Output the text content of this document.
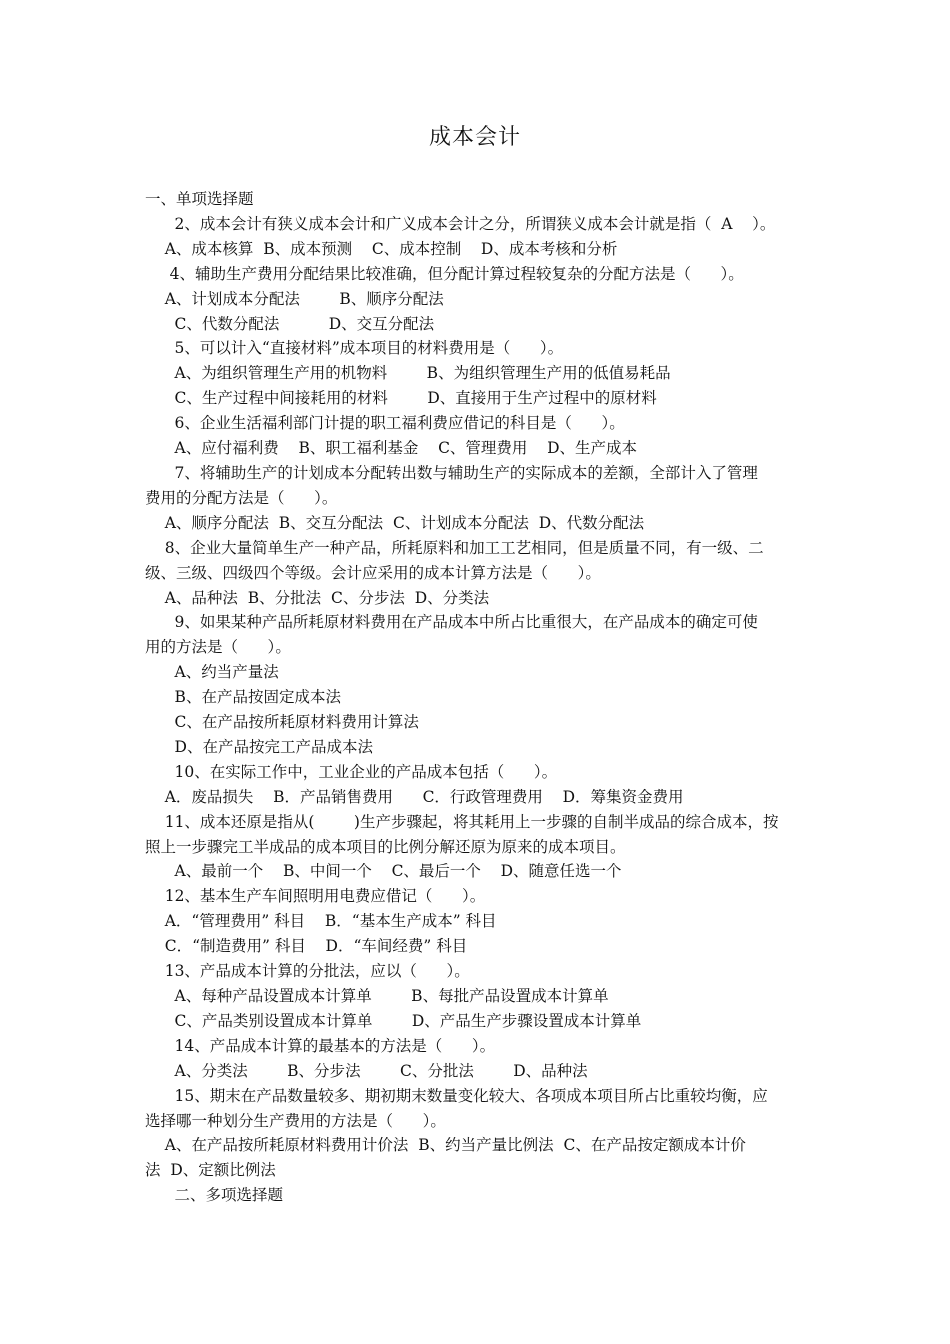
成本会计
一、单项选择题
2、成本会计有狭义成本会计和广义成本会计之分，所谓狭义成本会计就是指（  A    ）。
A、成本核算  B、成本预测    C、成本控制    D、成本考核和分析
4、辅助生产费用分配结果比较准确，但分配计算过程较复杂的分配方法是（      ）。
A、计划成本分配法        B、顺序分配法
C、代数分配法          D、交互分配法
5、可以计入“直接材料”成本项目的材料费用是（      ）。
A、为组织管理生产用的机物料        B、为组织管理生产用的低值易耗品
C、生产过程中间接耗用的材料        D、直接用于生产过程中的原材料
6、企业生活福利部门计提的职工福利费应借记的科目是（      ）。
A、应付福利费    B、职工福利基金    C、管理费用    D、生产成本
7、将辅助生产的计划成本分配转出数与辅助生产的实际成本的差额，全部计入了管理
费用的分配方法是（      ）。
A、顺序分配法  B、交互分配法  C、计划成本分配法  D、代数分配法
8、企业大量简单生产一种产品，所耗原料和加工工艺相同，但是质量不同，有一级、二
级、三级、四级四个等级。会计应采用的成本计算方法是（      ）。
A、品种法  B、分批法  C、分步法  D、分类法
9、如果某种产品所耗原材料费用在产品成本中所占比重很大，在产品成本的确定可使
用的方法是（      ）。
A、约当产量法
B、在产品按固定成本法
C、在产品按所耗原材料费用计算法
D、在产品按完工产品成本法
10、在实际工作中，工业企业的产品成本包括（      ）。
A．废品损失    B．产品销售费用      C．行政管理费用    D．筹集资金费用
11、成本还原是指从(        )生产步骤起，将其耗用上一步骤的自制半成品的综合成本，按
照上一步骤完工半成品的成本项目的比例分解还原为原来的成本项目。
A、最前一个    B、中间一个    C、最后一个    D、随意任选一个
12、基本生产车间照明用电费应借记（      ）。
A．“管理费用” 科目    B．“基本生产成本” 科目
C．“制造费用” 科目    D．“车间经费” 科目
13、产品成本计算的分批法，应以（      ）。
A、每种产品设置成本计算单        B、每批产品设置成本计算单
C、产品类别设置成本计算单        D、产品生产步骤设置成本计算单
14、产品成本计算的最基本的方法是（      ）。
A、分类法        B、分步法        C、分批法        D、品种法
15、期末在产品数量较多、期初期末数量变化较大、各项成本项目所占比重较均衡，应
选择哪一种划分生产费用的方法是（      ）。
A、在产品按所耗原材料费用计价法  B、约当产量比例法  C、在产品按定额成本计价
法  D、定额比例法
二、多项选择题
